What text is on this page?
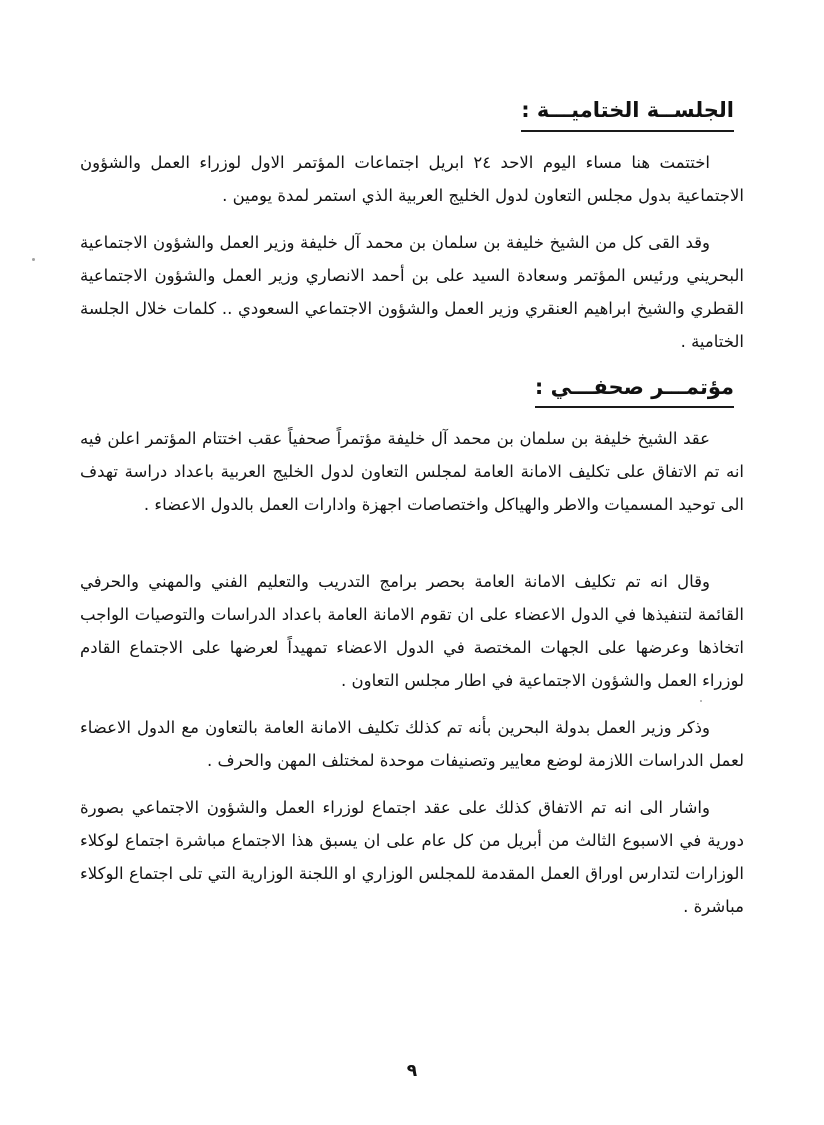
الجلســة الختاميـــة :

اختتمت هنا مساء اليوم الاحد ٢٤ ابريل اجتماعات المؤتمر الاول لوزراء العمل والشؤون الاجتماعية بدول مجلس التعاون لدول الخليج العربية الذي استمر لمدة يومين .

وقد القى كل من الشيخ خليفة بن سلمان بن محمد آل خليفة وزير العمل والشؤون الاجتماعية البحريني ورئيس المؤتمر وسعادة السيد على بن أحمد الانصاري وزير العمل والشؤون الاجتماعية القطري والشيخ ابراهيم العنقري وزير العمل والشؤون الاجتماعي السعودي .. كلمات خلال الجلسة الختامية .

مؤتمـــر صحفـــي :

عقد الشيخ خليفة بن سلمان بن محمد آل خليفة مؤتمراً صحفياً عقب اختتام المؤتمر اعلن فيه انه تم الاتفاق على تكليف الامانة العامة لمجلس التعاون لدول الخليج العربية باعداد دراسة تهدف الى توحيد المسميات والاطر والهياكل واختصاصات اجهزة وادارات العمل بالدول الاعضاء .

وقال انه تم تكليف الامانة العامة بحصر برامج التدريب والتعليم الفني والمهني والحرفي القائمة لتنفيذها في الدول الاعضاء على ان تقوم الامانة العامة باعداد الدراسات والتوصيات الواجب اتخاذها وعرضها على الجهات المختصة في الدول الاعضاء تمهيداً لعرضها على الاجتماع القادم لوزراء العمل والشؤون الاجتماعية في اطار مجلس التعاون .

وذكر وزير العمل بدولة البحرين بأنه تم كذلك تكليف الامانة العامة بالتعاون مع الدول الاعضاء لعمل الدراسات اللازمة لوضع معايير وتصنيفات موحدة لمختلف المهن والحرف .

واشار الى انه تم الاتفاق كذلك على عقد اجتماع لوزراء العمل والشؤون الاجتماعي بصورة دورية في الاسبوع الثالث من أبريل من كل عام على ان يسبق هذا الاجتماع مباشرة اجتماع لوكلاء الوزارات لتدارس اوراق العمل المقدمة للمجلس الوزاري او اللجنة الوزارية التي تلى اجتماع الوكلاء مباشرة .

٩
